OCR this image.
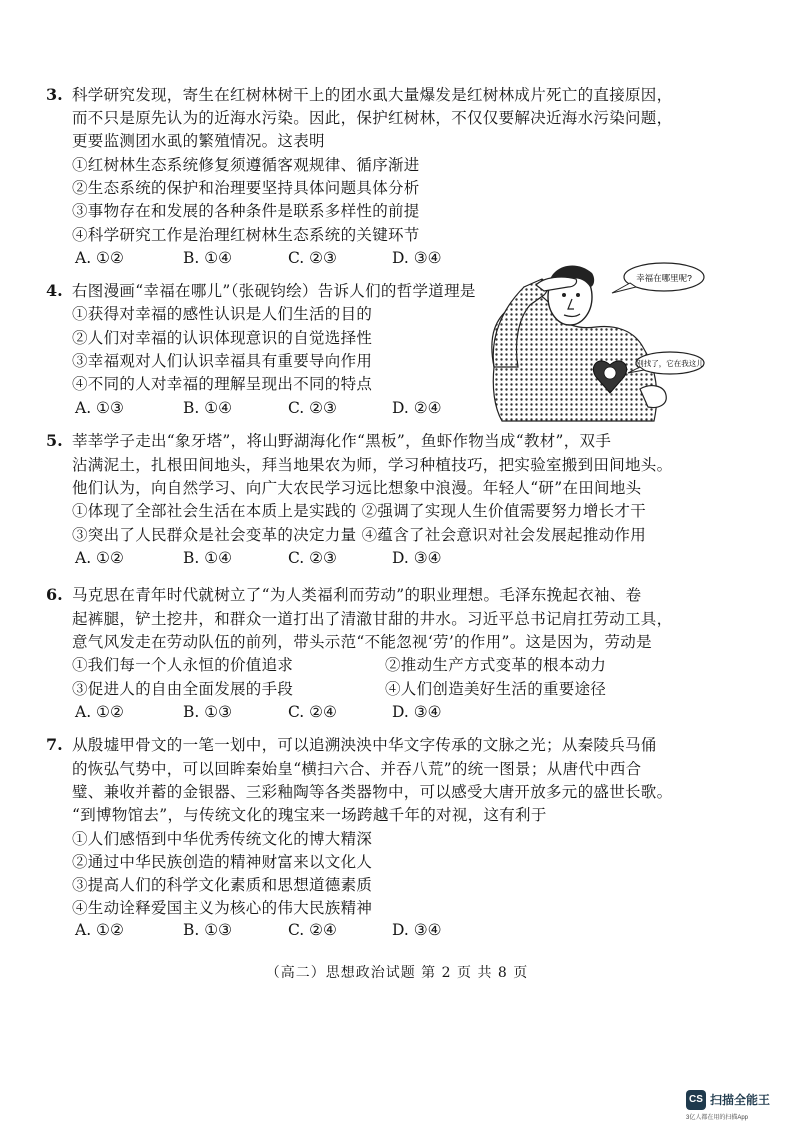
3. 科学研究发现，寄生在红树林树干上的团水虱大量爆发是红树林成片死亡的直接原因，
而不只是原先认为的近海水污染。因此，保护红树林，不仅仅要解决近海水污染问题，
更要监测团水虱的繁殖情况。这表明
①红树林生态系统修复须遵循客观规律、循序渐进
②生态系统的保护和治理要坚持具体问题具体分析
③事物存在和发展的各种条件是联系多样性的前提
④科学研究工作是治理红树林生态系统的关键环节
A. ①②	B. ①④	C. ②③	D. ③④
4. 右图漫画“幸福在哪儿”（张砚钧绘）告诉人们的哲学道理是
①获得对幸福的感性认识是人们生活的目的
②人们对幸福的认识体现意识的自觉选择性
③幸福观对人们认识幸福具有重要导向作用
④不同的人对幸福的理解呈现出不同的特点
A. ①③	B. ①④	C. ②③	D. ②④
幸福在哪里呢?
别找了，它在我这儿
5. 莘莘学子走出“象牙塔”，将山野湖海化作“黑板”，鱼虾作物当成“教材”，双手
沾满泥土，扎根田间地头，拜当地果农为师，学习种植技巧，把实验室搬到田间地头。
他们认为，向自然学习、向广大农民学习远比想象中浪漫。年轻人“研”在田间地头
①体现了全部社会生活在本质上是实践的 ②强调了实现人生价值需要努力增长才干
③突出了人民群众是社会变革的决定力量 ④蕴含了社会意识对社会发展起推动作用
A. ①②	B. ①④	C. ②③	D. ③④
6. 马克思在青年时代就树立了“为人类福利而劳动”的职业理想。毛泽东挽起衣袖、卷
起裤腿，铲土挖井，和群众一道打出了清澈甘甜的井水。习近平总书记肩扛劳动工具，
意气风发走在劳动队伍的前列，带头示范“不能忽视‘劳’的作用”。这是因为，劳动是
①我们每一个人永恒的价值追求	②推动生产方式变革的根本动力
③促进人的自由全面发展的手段	④人们创造美好生活的重要途径
A. ①②	B. ①③	C. ②④	D. ③④
7. 从殷墟甲骨文的一笔一划中，可以追溯泱泱中华文字传承的文脉之光；从秦陵兵马俑
的恢弘气势中，可以回眸秦始皇“横扫六合、并吞八荒”的统一图景；从唐代中西合
璧、兼收并蓄的金银器、三彩釉陶等各类器物中，可以感受大唐开放多元的盛世长歌。
“到博物馆去”，与传统文化的瑰宝来一场跨越千年的对视，这有利于
①人们感悟到中华优秀传统文化的博大精深
②通过中华民族创造的精神财富来以文化人
③提高人们的科学文化素质和思想道德素质
④生动诠释爱国主义为核心的伟大民族精神
A. ①②	B. ①③	C. ②④	D. ③④
（高二）思想政治试题 第 2 页 共 8 页
CS 扫描全能王
3亿人都在用的扫描App
